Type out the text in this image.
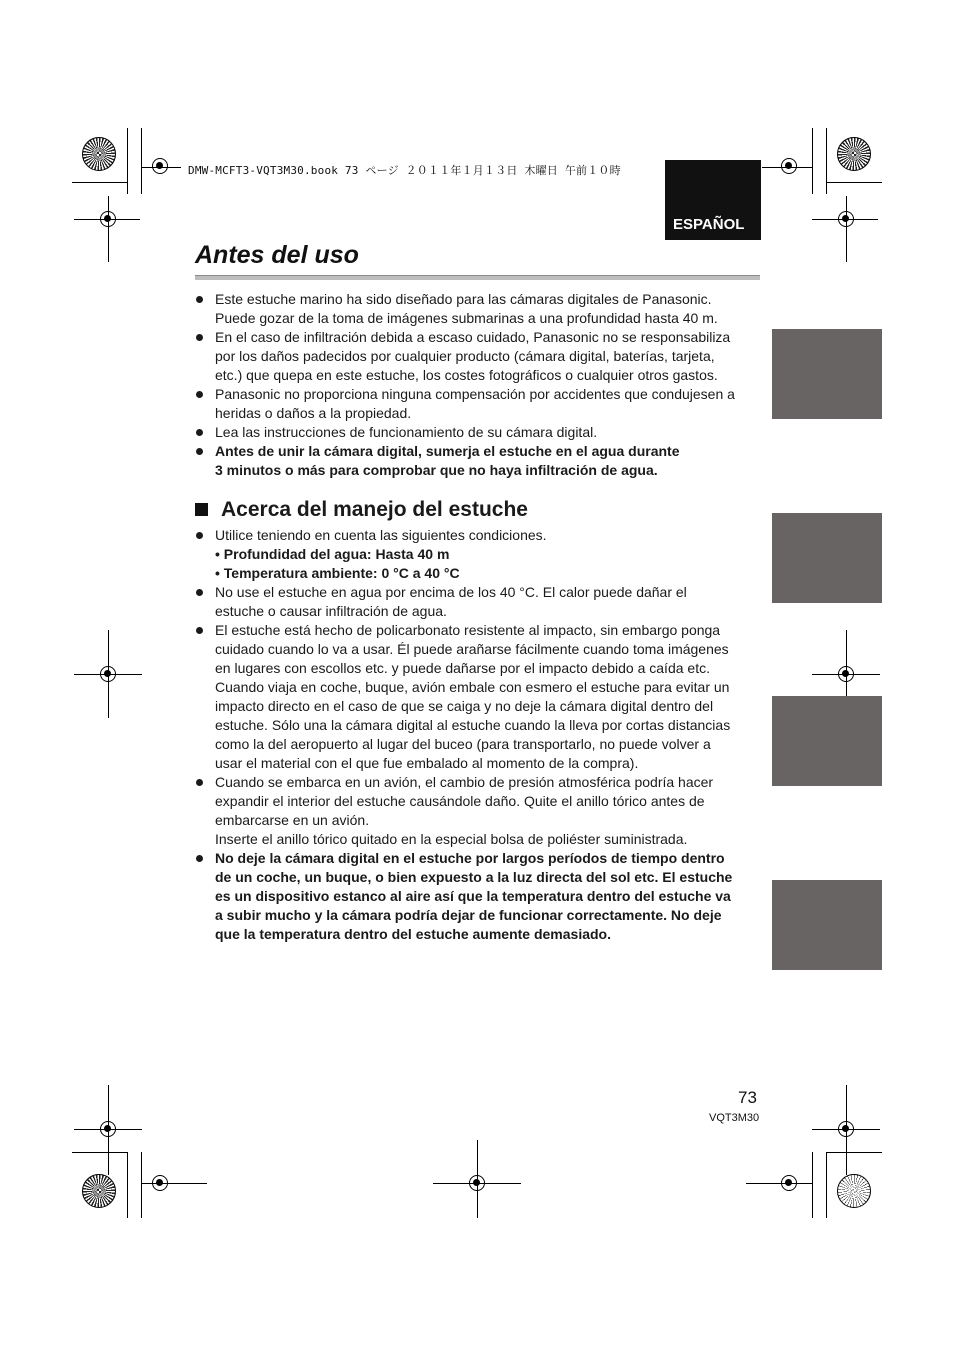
DMW-MCFT3-VQT3M30.book 73 ページ ２０１１年１月１３日 木曜日 午前１０時
ESPAÑOL
Antes del uso
Este estuche marino ha sido diseñado para las cámaras digitales de Panasonic.
Puede gozar de la toma de imágenes submarinas a una profundidad hasta 40 m.
En el caso de infiltración debida a escaso cuidado, Panasonic no se responsabiliza
por los daños padecidos por cualquier producto (cámara digital, baterías, tarjeta,
etc.) que quepa en este estuche, los costes fotográficos o cualquier otros gastos.
Panasonic no proporciona ninguna compensación por accidentes que condujesen a
heridas o daños a la propiedad.
Lea las instrucciones de funcionamiento de su cámara digital.
Antes de unir la cámara digital, sumerja el estuche en el agua durante
3 minutos o más para comprobar que no haya infiltración de agua.
Acerca del manejo del estuche
Utilice teniendo en cuenta las siguientes condiciones.
• Profundidad del agua: Hasta 40 m
• Temperatura ambiente: 0 °C a 40 °C
No use el estuche en agua por encima de los 40 °C. El calor puede dañar el
estuche o causar infiltración de agua.
El estuche está hecho de policarbonato resistente al impacto, sin embargo ponga
cuidado cuando lo va a usar. Él puede arañarse fácilmente cuando toma imágenes
en lugares con escollos etc. y puede dañarse por el impacto debido a caída etc.
Cuando viaja en coche, buque, avión embale con esmero el estuche para evitar un
impacto directo en el caso de que se caiga y no deje la cámara digital dentro del
estuche. Sólo una la cámara digital al estuche cuando la lleva por cortas distancias
como la del aeropuerto al lugar del buceo (para transportarlo, no puede volver a
usar el material con el que fue embalado al momento de la compra).
Cuando se embarca en un avión, el cambio de presión atmosférica podría hacer
expandir el interior del estuche causándole daño. Quite el anillo tórico antes de
embarcarse en un avión.
Inserte el anillo tórico quitado en la especial bolsa de poliéster suministrada.
No deje la cámara digital en el estuche por largos períodos de tiempo dentro
de un coche, un buque, o bien expuesto a la luz directa del sol etc. El estuche
es un dispositivo estanco al aire así que la temperatura dentro del estuche va
a subir mucho y la cámara podría dejar de funcionar correctamente. No deje
que la temperatura dentro del estuche aumente demasiado.
73
VQT3M30
